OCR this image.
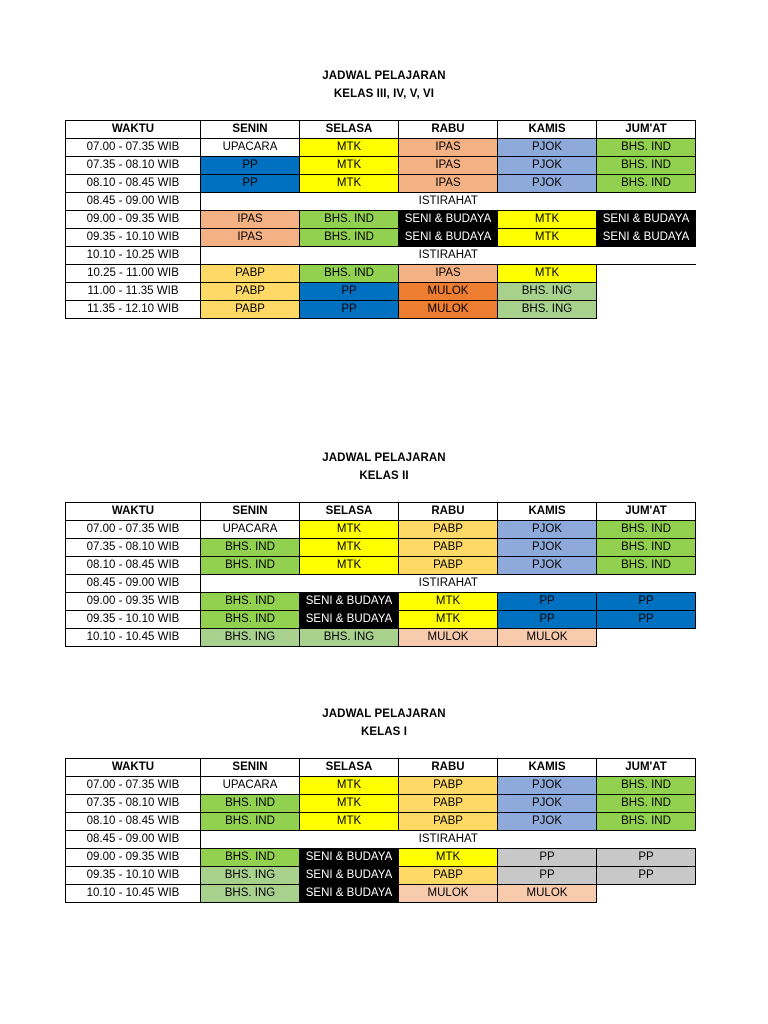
JADWAL PELAJARAN
KELAS III, IV, V, VI
WAKTU	SENIN	SELASA	RABU	KAMIS	JUM'AT
07.00 - 07.35 WIB	UPACARA	MTK	IPAS	PJOK	BHS. IND
07.35 - 08.10 WIB	PP	MTK	IPAS	PJOK	BHS. IND
08.10 - 08.45 WIB	PP	MTK	IPAS	PJOK	BHS. IND
08.45 - 09.00 WIB	ISTIRAHAT				
09.00 - 09.35 WIB	IPAS	BHS. IND	SENI & BUDAYA	MTK	SENI & BUDAYA
09.35 - 10.10 WIB	IPAS	BHS. IND	SENI & BUDAYA	MTK	SENI & BUDAYA
10.10 - 10.25 WIB	ISTIRAHAT				
10.25 - 11.00 WIB	PABP	BHS. IND	IPAS	MTK	
11.00 - 11.35 WIB	PABP	PP	MULOK	BHS. ING	
11.35 - 12.10 WIB	PABP	PP	MULOK	BHS. ING	
JADWAL PELAJARAN
KELAS II
WAKTU	SENIN	SELASA	RABU	KAMIS	JUM'AT
07.00 - 07.35 WIB	UPACARA	MTK	PABP	PJOK	BHS. IND
07.35 - 08.10 WIB	BHS. IND	MTK	PABP	PJOK	BHS. IND
08.10 - 08.45 WIB	BHS. IND	MTK	PABP	PJOK	BHS. IND
08.45 - 09.00 WIB	ISTIRAHAT				
09.00 - 09.35 WIB	BHS. IND	SENI & BUDAYA	MTK	PP	PP
09.35 - 10.10 WIB	BHS. IND	SENI & BUDAYA	MTK	PP	PP
10.10 - 10.45 WIB	BHS. ING	BHS. ING	MULOK	MULOK	
JADWAL PELAJARAN
KELAS I
WAKTU	SENIN	SELASA	RABU	KAMIS	JUM'AT
07.00 - 07.35 WIB	UPACARA	MTK	PABP	PJOK	BHS. IND
07.35 - 08.10 WIB	BHS. IND	MTK	PABP	PJOK	BHS. IND
08.10 - 08.45 WIB	BHS. IND	MTK	PABP	PJOK	BHS. IND
08.45 - 09.00 WIB	ISTIRAHAT				
09.00 - 09.35 WIB	BHS. IND	SENI & BUDAYA	MTK	PP	PP
09.35 - 10.10 WIB	BHS. ING	SENI & BUDAYA	PABP	PP	PP
10.10 - 10.45 WIB	BHS. ING	SENI & BUDAYA	MULOK	MULOK	
